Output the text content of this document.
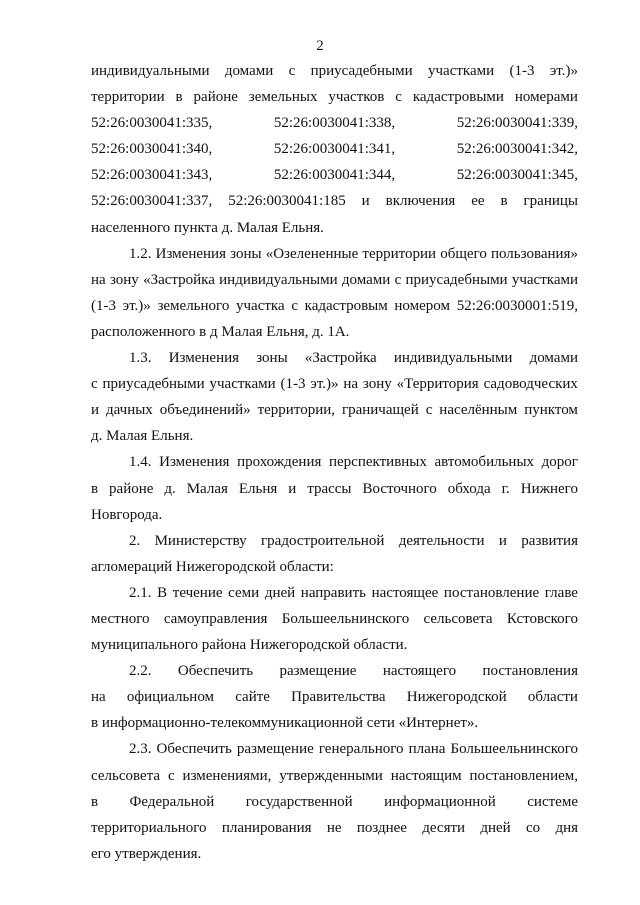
2
индивидуальными домами с приусадебными участками (1-3 эт.)»
территории в районе земельных участков с кадастровыми номерами
52:26:0030041:335,	52:26:0030041:338,	52:26:0030041:339,
52:26:0030041:340,	52:26:0030041:341,	52:26:0030041:342,
52:26:0030041:343,	52:26:0030041:344,	52:26:0030041:345,
52:26:0030041:337, 52:26:0030041:185 и включения ее в границы
населенного пункта д. Малая Ельня.
1.2. Изменения зоны «Озелененные территории общего пользования»
на зону «Застройка индивидуальными домами с приусадебными участками
(1-3 эт.)» земельного участка с кадастровым номером 52:26:0030001:519,
расположенного в д Малая Ельня, д. 1А.
1.3. Изменения зоны «Застройка индивидуальными домами
с приусадебными участками (1-3 эт.)» на зону «Территория садоводческих
и дачных объединений» территории, граничащей с населённым пунктом
д. Малая Ельня.
1.4. Изменения прохождения перспективных автомобильных дорог
в районе д. Малая Ельня и трассы Восточного обхода г. Нижнего
Новгорода.
2. Министерству градостроительной деятельности и развития
агломераций Нижегородской области:
2.1. В течение семи дней направить настоящее постановление главе
местного самоуправления Большеельнинского сельсовета Кстовского
муниципального района Нижегородской области.
2.2. Обеспечить размещение настоящего постановления
на официальном сайте Правительства Нижегородской области
в информационно-телекоммуникационной сети «Интернет».
2.3. Обеспечить размещение генерального плана Большеельнинского
сельсовета с изменениями, утвержденными настоящим постановлением,
в Федеральной государственной информационной системе
территориального планирования не позднее десяти дней со дня
его утверждения.
